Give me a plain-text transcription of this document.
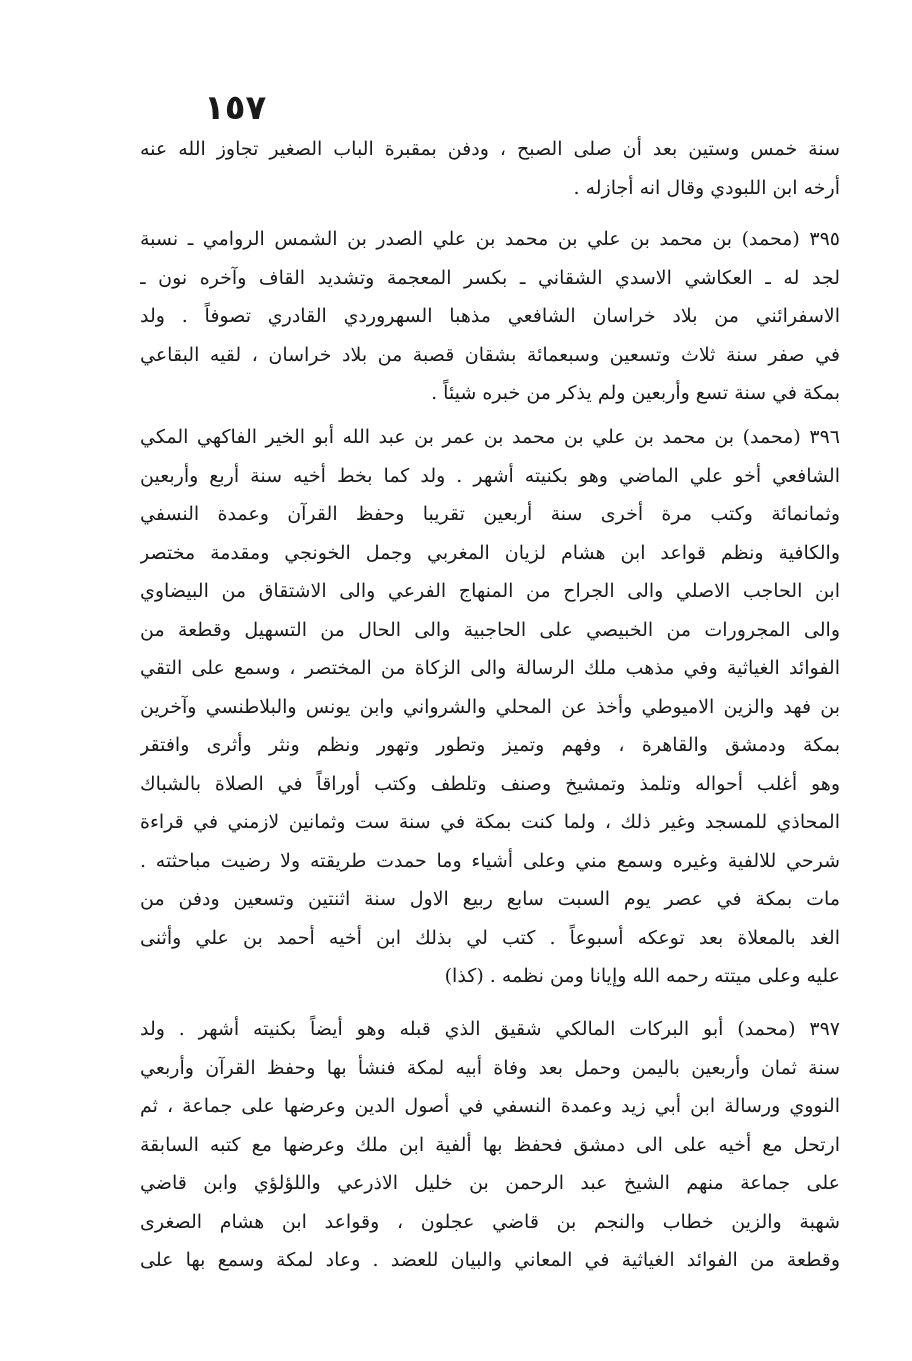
١٥٧
سنة خمس وستين بعد أن صلى الصبح ، ودفن بمقبرة الباب الصغير تجاوز الله عنه
أرخه ابن اللبودي وقال انه أجازله .
٣٩٥ (محمد) بن محمد بن علي بن محمد بن علي الصدر بن الشمس الروامي ـ نسبة
لجد له ـ العكاشي الاسدي الشقاني ـ بكسر المعجمة وتشديد القاف وآخره نون ـ
الاسفرائني من بلاد خراسان الشافعي مذهبا السهروردي القادري تصوفاً . ولد
في صفر سنة ثلاث وتسعين وسبعمائة بشقان قصبة من بلاد خراسان ، لقيه البقاعي
بمكة في سنة تسع وأربعين ولم يذكر من خبره شيئاً .
٣٩٦ (محمد) بن محمد بن علي بن محمد بن عمر بن عبد الله أبو الخير الفاكهي المكي
الشافعي أخو علي الماضي وهو بكنيته أشهر . ولد كما بخط أخيه سنة أربع وأربعين
وثمانمائة وكتب مرة أخرى سنة أربعين تقريبا وحفظ القرآن وعمدة النسفي
والكافية ونظم قواعد ابن هشام لزيان المغربي وجمل الخونجي ومقدمة مختصر
ابن الحاجب الاصلي والى الجراح من المنهاج الفرعي والى الاشتقاق من البيضاوي
والى المجرورات من الخبيصي على الحاجبية والى الحال من التسهيل وقطعة من
الفوائد الغياثية وفي مذهب ملك الرسالة والى الزكاة من المختصر ، وسمع على التقي
بن فهد والزين الاميوطي وأخذ عن المحلي والشرواني وابن يونس والبلاطنسي وآخرين
بمكة ودمشق والقاهرة ، وفهم وتميز وتطور وتهور ونظم ونثر وأثرى وافتقر
وهو أغلب أحواله وتلمذ وتمشيخ وصنف وتلطف وكتب أوراقاً في الصلاة بالشباك
المحاذي للمسجد وغير ذلك ، ولما كنت بمكة في سنة ست وثمانين لازمني في قراءة
شرحي للالفية وغيره وسمع مني وعلى أشياء وما حمدت طريقته ولا رضيت مباحثته .
مات بمكة في عصر يوم السبت سابع ربيع الاول سنة اثنتين وتسعين ودفن من
الغد بالمعلاة بعد توعكه أسبوعاً . كتب لي بذلك ابن أخيه أحمد بن علي وأثنى
عليه وعلى ميتته رحمه الله وإيانا ومن نظمه . (كذا)
٣٩٧ (محمد) أبو البركات المالكي شقيق الذي قبله وهو أيضاً بكنيته أشهر . ولد
سنة ثمان وأربعين باليمن وحمل بعد وفاة أبيه لمكة فنشأ بها وحفظ القرآن وأربعي
النووي ورسالة ابن أبي زيد وعمدة النسفي في أصول الدين وعرضها على جماعة ، ثم
ارتحل مع أخيه على الى دمشق فحفظ بها ألفية ابن ملك وعرضها مع كتبه السابقة
على جماعة منهم الشيخ عبد الرحمن بن خليل الاذرعي واللؤلؤي وابن قاضي
شهبة والزين خطاب والنجم بن قاضي عجلون ، وقواعد ابن هشام الصغرى
وقطعة من الفوائد الغياثية في المعاني والبيان للعضد . وعاد لمكة وسمع بها على
